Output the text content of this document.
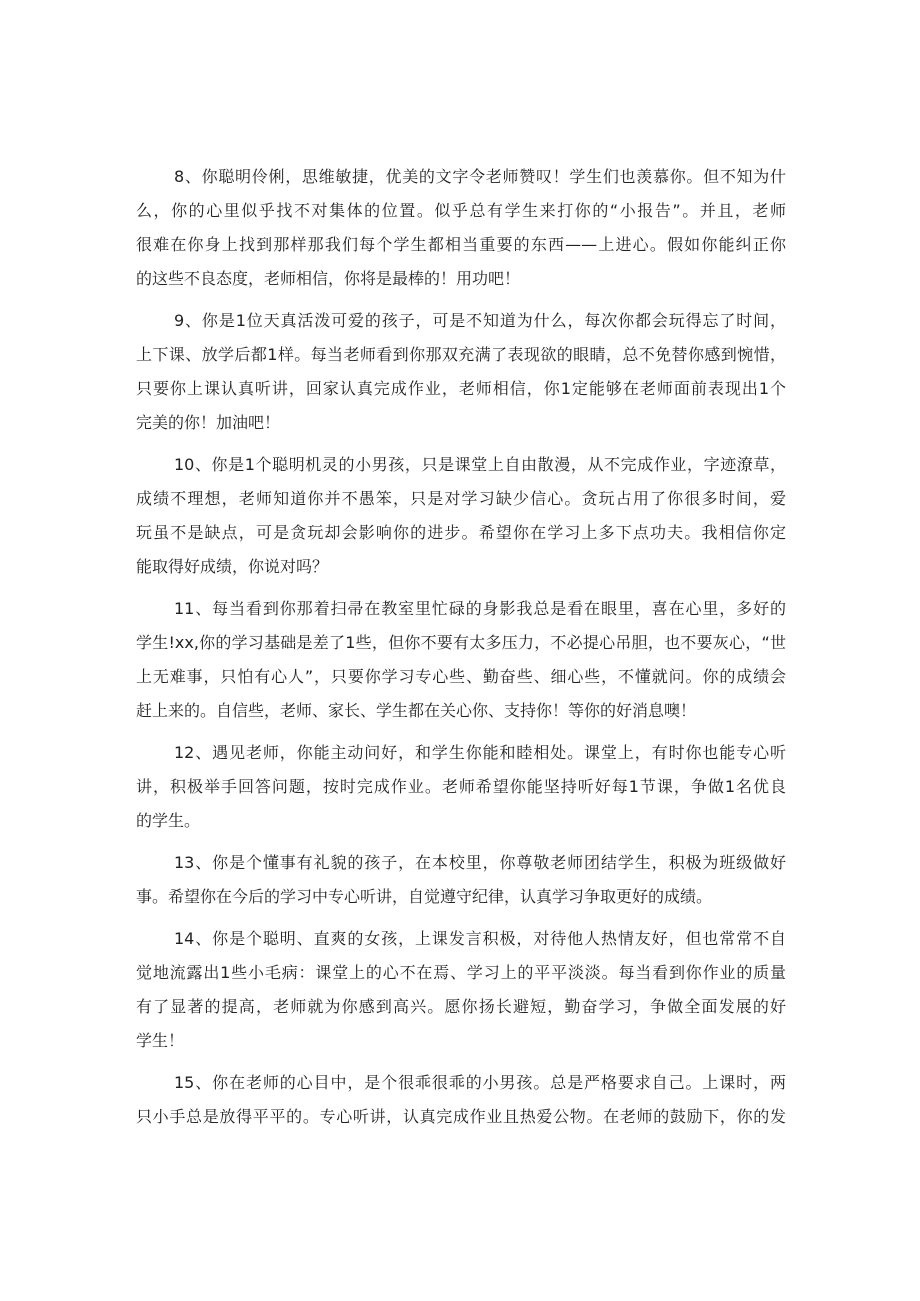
8、你聪明伶俐，思维敏捷，优美的文字令老师赞叹！学生们也羡慕你。但不知为什
么，你的心里似乎找不对集体的位置。似乎总有学生来打你的“小报告”。并且，老师
很难在你身上找到那样那我们每个学生都相当重要的东西——上进心。假如你能纠正你
的这些不良态度，老师相信，你将是最棒的！用功吧！
9、你是1位天真活泼可爱的孩子，可是不知道为什么，每次你都会玩得忘了时间，
上下课、放学后都1样。每当老师看到你那双充满了表现欲的眼睛，总不免替你感到惋惜，
只要你上课认真听讲，回家认真完成作业，老师相信，你1定能够在老师面前表现出1个
完美的你！加油吧！
10、你是1个聪明机灵的小男孩，只是课堂上自由散漫，从不完成作业，字迹潦草，
成绩不理想，老师知道你并不愚笨，只是对学习缺少信心。贪玩占用了你很多时间，爱
玩虽不是缺点，可是贪玩却会影响你的进步。希望你在学习上多下点功夫。我相信你定
能取得好成绩，你说对吗？
11、每当看到你那着扫帚在教室里忙碌的身影我总是看在眼里，喜在心里，多好的
学生!xx,你的学习基础是差了1些，但你不要有太多压力，不必提心吊胆，也不要灰心，“世
上无难事，只怕有心人”，只要你学习专心些、勤奋些、细心些，不懂就问。你的成绩会
赶上来的。自信些，老师、家长、学生都在关心你、支持你！等你的好消息噢！
12、遇见老师，你能主动问好，和学生你能和睦相处。课堂上，有时你也能专心听
讲，积极举手回答问题，按时完成作业。老师希望你能坚持听好每1节课，争做1名优良
的学生。
13、你是个懂事有礼貌的孩子，在本校里，你尊敬老师团结学生，积极为班级做好
事。希望你在今后的学习中专心听讲，自觉遵守纪律，认真学习争取更好的成绩。
14、你是个聪明、直爽的女孩，上课发言积极，对待他人热情友好，但也常常不自
觉地流露出1些小毛病：课堂上的心不在焉、学习上的平平淡淡。每当看到你作业的质量
有了显著的提高，老师就为你感到高兴。愿你扬长避短，勤奋学习，争做全面发展的好
学生！
15、你在老师的心目中，是个很乖很乖的小男孩。总是严格要求自己。上课时，两
只小手总是放得平平的。专心听讲，认真完成作业且热爱公物。在老师的鼓励下，你的发
